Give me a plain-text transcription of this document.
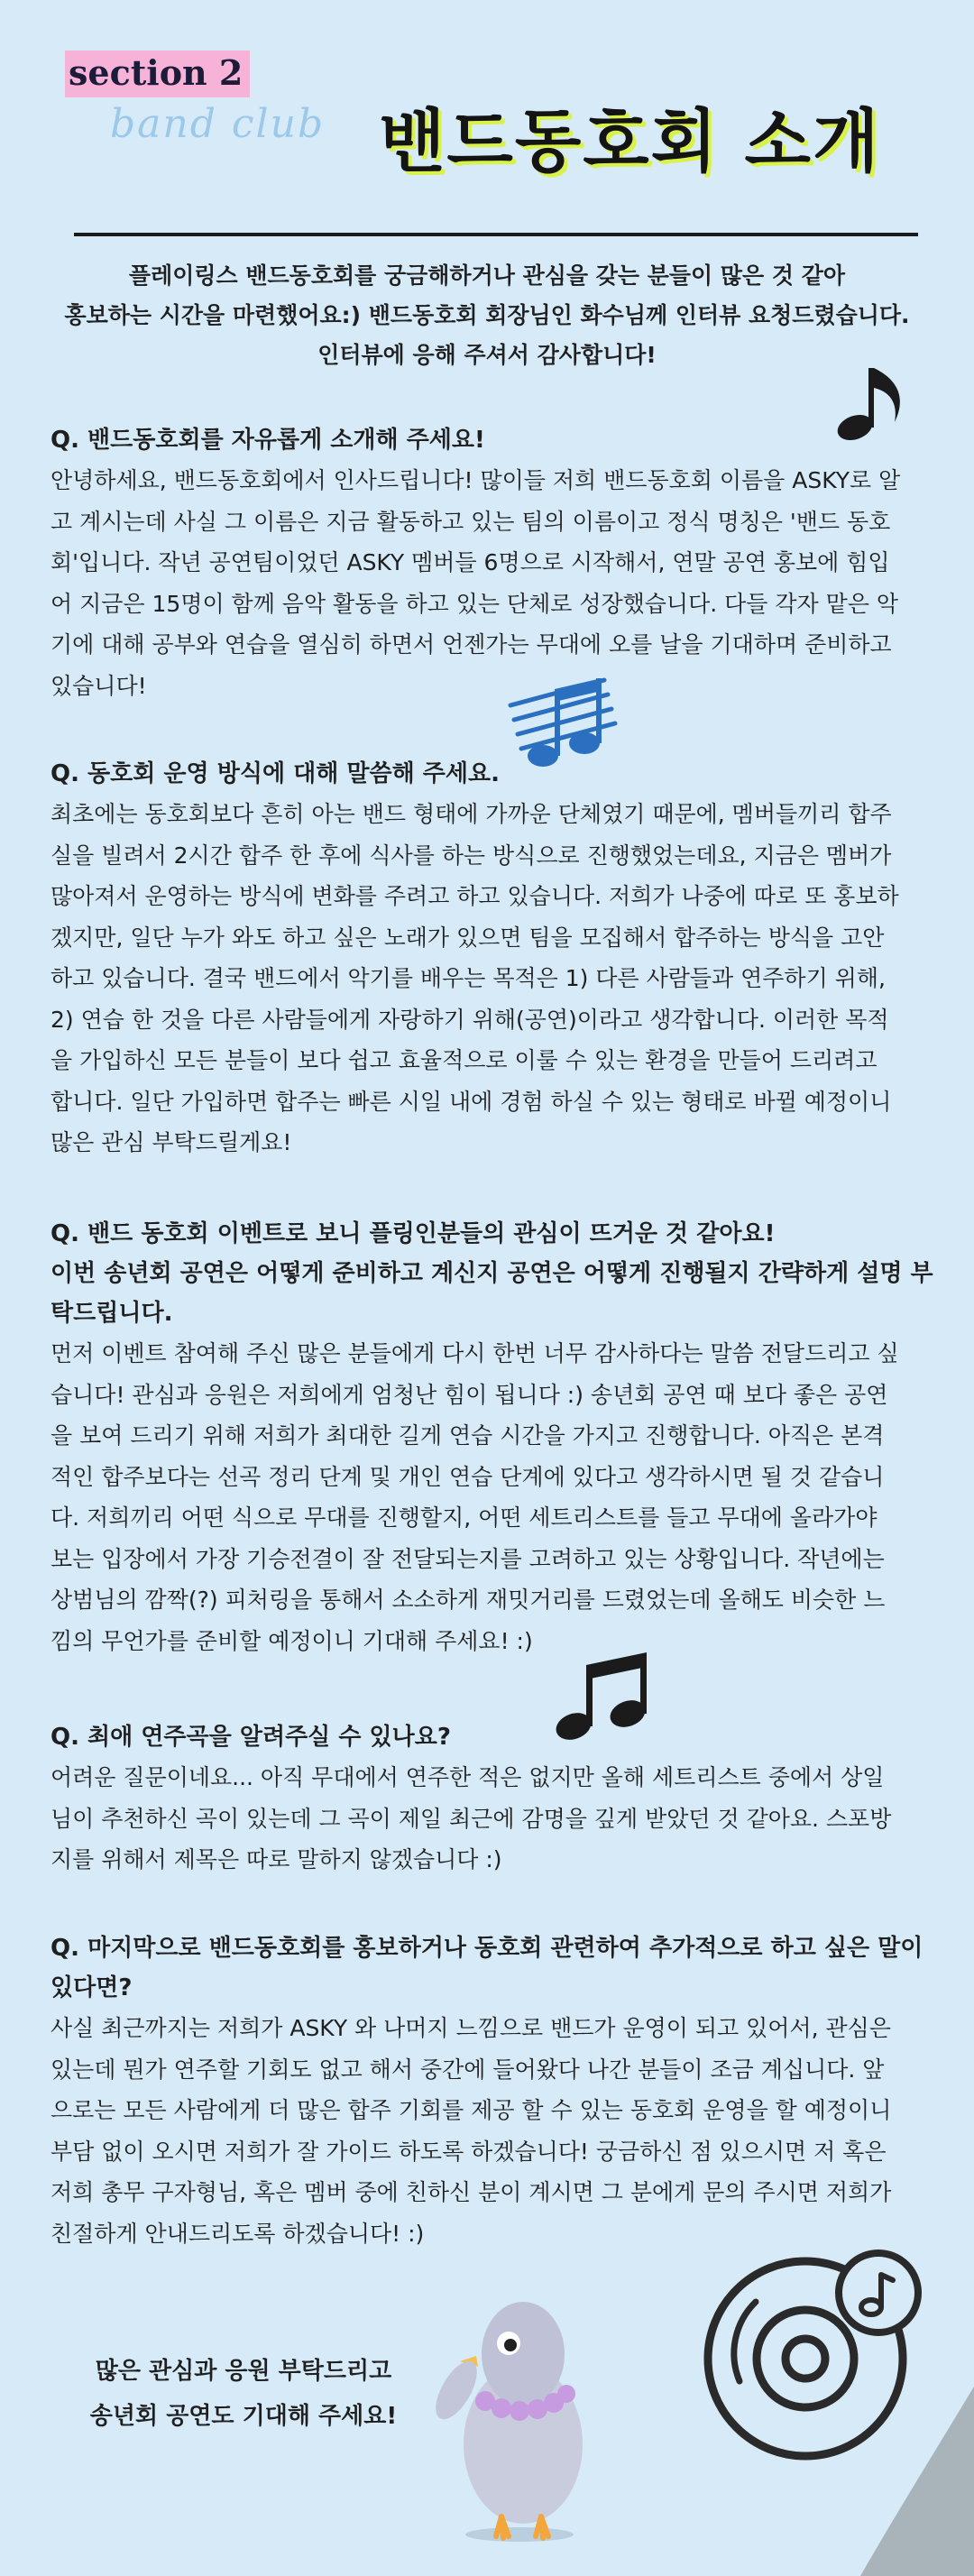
section 2
band club 밴드동호회 소개

플레이링스 밴드동호회를 궁금해하거나 관심을 갖는 분들이 많은 것 같아

홍보하는 시간을 마련했어요:) 밴드동호회 회장님인 화수님께 인터뷰 요청드렸습니다.

인터뷰에 응해 주셔서 감사합니다!

Q. 밴드동호회를 자유롭게 소개해 주세요!
안녕하세요, 밴드동호회에서 인사드립니다! 많이들 저희 밴드동호회 이름을 ASKY로 알
고 계시는데 사실 그 이름은 지금 활동하고 있는 팀의 이름이고 정식 명칭은 '밴드 동호
회'입니다. 작년 공연팀이었던 ASKY 멤버들 6명으로 시작해서, 연말 공연 홍보에 힘입
어 지금은 15명이 함께 음악 활동을 하고 있는 단체로 성장했습니다. 다들 각자 맡은 악
기에 대해 공부와 연습을 열심히 하면서 언젠가는 무대에 오를 날을 기대하며 준비하고
있습니다!
Q. 동호회 운영 방식에 대해 말씀해 주세요.
최초에는 동호회보다 흔히 아는 밴드 형태에 가까운 단체였기 때문에, 멤버들끼리 합주
실을 빌려서 2시간 합주 한 후에 식사를 하는 방식으로 진행했었는데요, 지금은 멤버가
많아져서 운영하는 방식에 변화를 주려고 하고 있습니다. 저희가 나중에 따로 또 홍보하
겠지만, 일단 누가 와도 하고 싶은 노래가 있으면 팀을 모집해서 합주하는 방식을 고안
하고 있습니다. 결국 밴드에서 악기를 배우는 목적은 1) 다른 사람들과 연주하기 위해,
2) 연습 한 것을 다른 사람들에게 자랑하기 위해(공연)이라고 생각합니다. 이러한 목적
을 가입하신 모든 분들이 보다 쉽고 효율적으로 이룰 수 있는 환경을 만들어 드리려고
합니다. 일단 가입하면 합주는 빠른 시일 내에 경험 하실 수 있는 형태로 바뀔 예정이니
많은 관심 부탁드릴게요!
Q. 밴드 동호회 이벤트로 보니 플링인분들의 관심이 뜨거운 것 같아요!
이번 송년회 공연은 어떻게 준비하고 계신지 공연은 어떻게 진행될지 간략하게 설명 부
탁드립니다.
먼저 이벤트 참여해 주신 많은 분들에게 다시 한번 너무 감사하다는 말씀 전달드리고 싶
습니다! 관심과 응원은 저희에게 엄청난 힘이 됩니다 :) 송년회 공연 때 보다 좋은 공연
을 보여 드리기 위해 저희가 최대한 길게 연습 시간을 가지고 진행합니다. 아직은 본격
적인 합주보다는 선곡 정리 단계 및 개인 연습 단계에 있다고 생각하시면 될 것 같습니
다. 저희끼리 어떤 식으로 무대를 진행할지, 어떤 세트리스트를 들고 무대에 올라가야
보는 입장에서 가장 기승전결이 잘 전달되는지를 고려하고 있는 상황입니다. 작년에는
상범님의 깜짝(?) 피처링을 통해서 소소하게 재밋거리를 드렸었는데 올해도 비슷한 느
낌의 무언가를 준비할 예정이니 기대해 주세요! :)
Q. 최애 연주곡을 알려주실 수 있나요?
어려운 질문이네요... 아직 무대에서 연주한 적은 없지만 올해 세트리스트 중에서 상일
님이 추천하신 곡이 있는데 그 곡이 제일 최근에 감명을 깊게 받았던 것 같아요. 스포방
지를 위해서 제목은 따로 말하지 않겠습니다 :)
Q. 마지막으로 밴드동호회를 홍보하거나 동호회 관련하여 추가적으로 하고 싶은 말이
있다면?
사실 최근까지는 저희가 ASKY 와 나머지 느낌으로 밴드가 운영이 되고 있어서, 관심은
있는데 뭔가 연주할 기회도 없고 해서 중간에 들어왔다 나간 분들이 조금 계십니다. 앞
으로는 모든 사람에게 더 많은 합주 기회를 제공 할 수 있는 동호회 운영을 할 예정이니
부담 없이 오시면 저희가 잘 가이드 하도록 하겠습니다! 궁금하신 점 있으시면 저 혹은
저희 총무 구자형님, 혹은 멤버 중에 친하신 분이 계시면 그 분에게 문의 주시면 저희가
친절하게 안내드리도록 하겠습니다! :)
많은 관심과 응원 부탁드리고
송년회 공연도 기대해 주세요!
